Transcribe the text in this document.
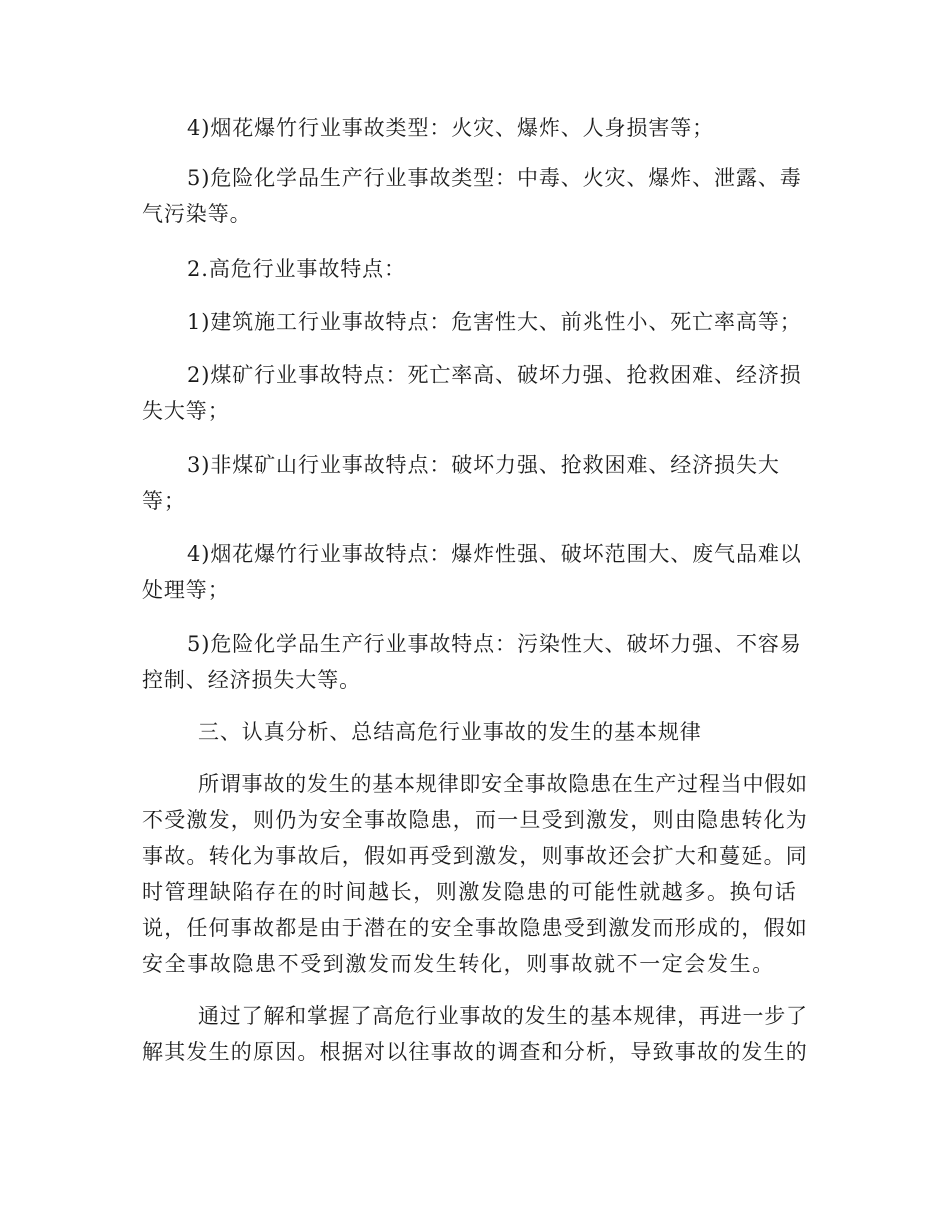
4)烟花爆竹行业事故类型：火灾、爆炸、人身损害等；
5)危险化学品生产行业事故类型：中毒、火灾、爆炸、泄露、毒
气污染等。
2.高危行业事故特点：
1)建筑施工行业事故特点：危害性大、前兆性小、死亡率高等；
2)煤矿行业事故特点：死亡率高、破坏力强、抢救困难、经济损
失大等；
3)非煤矿山行业事故特点：破坏力强、抢救困难、经济损失大
等；
4)烟花爆竹行业事故特点：爆炸性强、破坏范围大、废气品难以
处理等；
5)危险化学品生产行业事故特点：污染性大、破坏力强、不容易
控制、经济损失大等。
三、认真分析、总结高危行业事故的发生的基本规律
所谓事故的发生的基本规律即安全事故隐患在生产过程当中假如
不受激发，则仍为安全事故隐患，而一旦受到激发，则由隐患转化为
事故。转化为事故后，假如再受到激发，则事故还会扩大和蔓延。同
时管理缺陷存在的时间越长，则激发隐患的可能性就越多。换句话
说，任何事故都是由于潜在的安全事故隐患受到激发而形成的，假如
安全事故隐患不受到激发而发生转化，则事故就不一定会发生。
通过了解和掌握了高危行业事故的发生的基本规律，再进一步了
解其发生的原因。根据对以往事故的调查和分析，导致事故的发生的
